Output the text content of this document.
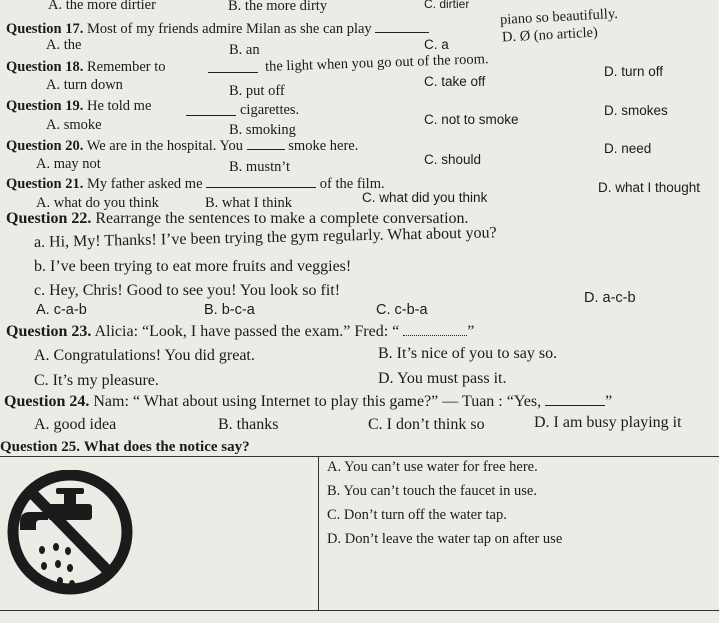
A. the more dirtier	B. the more dirty	C. dirtier
Question 17. Most of my friends admire Milan as she can play
piano so beautifully.
A. the	B. an	C. a	D. Ø (no article)
Question 18. Remember to	the light when you go out of the room.	D. turn off
A. turn down	B. put off
C. take off
Question 19. He told me	cigarettes.	D. smokes
A. smoke	B. smoking
C. not to smoke
Question 20. We are in the hospital. You	smoke here.	D. need
A. may not	B. mustn’t	C. should
Question 21. My father asked me	of the film.	D. what I thought
A. what do you think	B. what I think	C. what did you think
Question 22. Rearrange the sentences to make a complete conversation.
a. Hi, My! Thanks! I’ve been trying the gym regularly. What about you?
b. I’ve been trying to eat more fruits and veggies!
c. Hey, Chris! Good to see you! You look so fit!
A. c-a-b	B. b-c-a	C. c-b-a
D. a-c-b
Question 23. Alicia: “Look, I have passed the exam.” Fred: “	”
A. Congratulations! You did great.	B. It’s nice of you to say so.
C. It’s my pleasure.	D. You must pass it.
Question 24. Nam: “ What about using Internet to play this game?” — Tuan : “Yes,	”
A. good idea	B. thanks	C. I don’t think so	D. I am busy playing it
Question 25. What does the notice say?
A. You can’t use water for free here.
B. You can’t touch the faucet in use.
C. Don’t turn off the water tap.
D. Don’t leave the water tap on after use
